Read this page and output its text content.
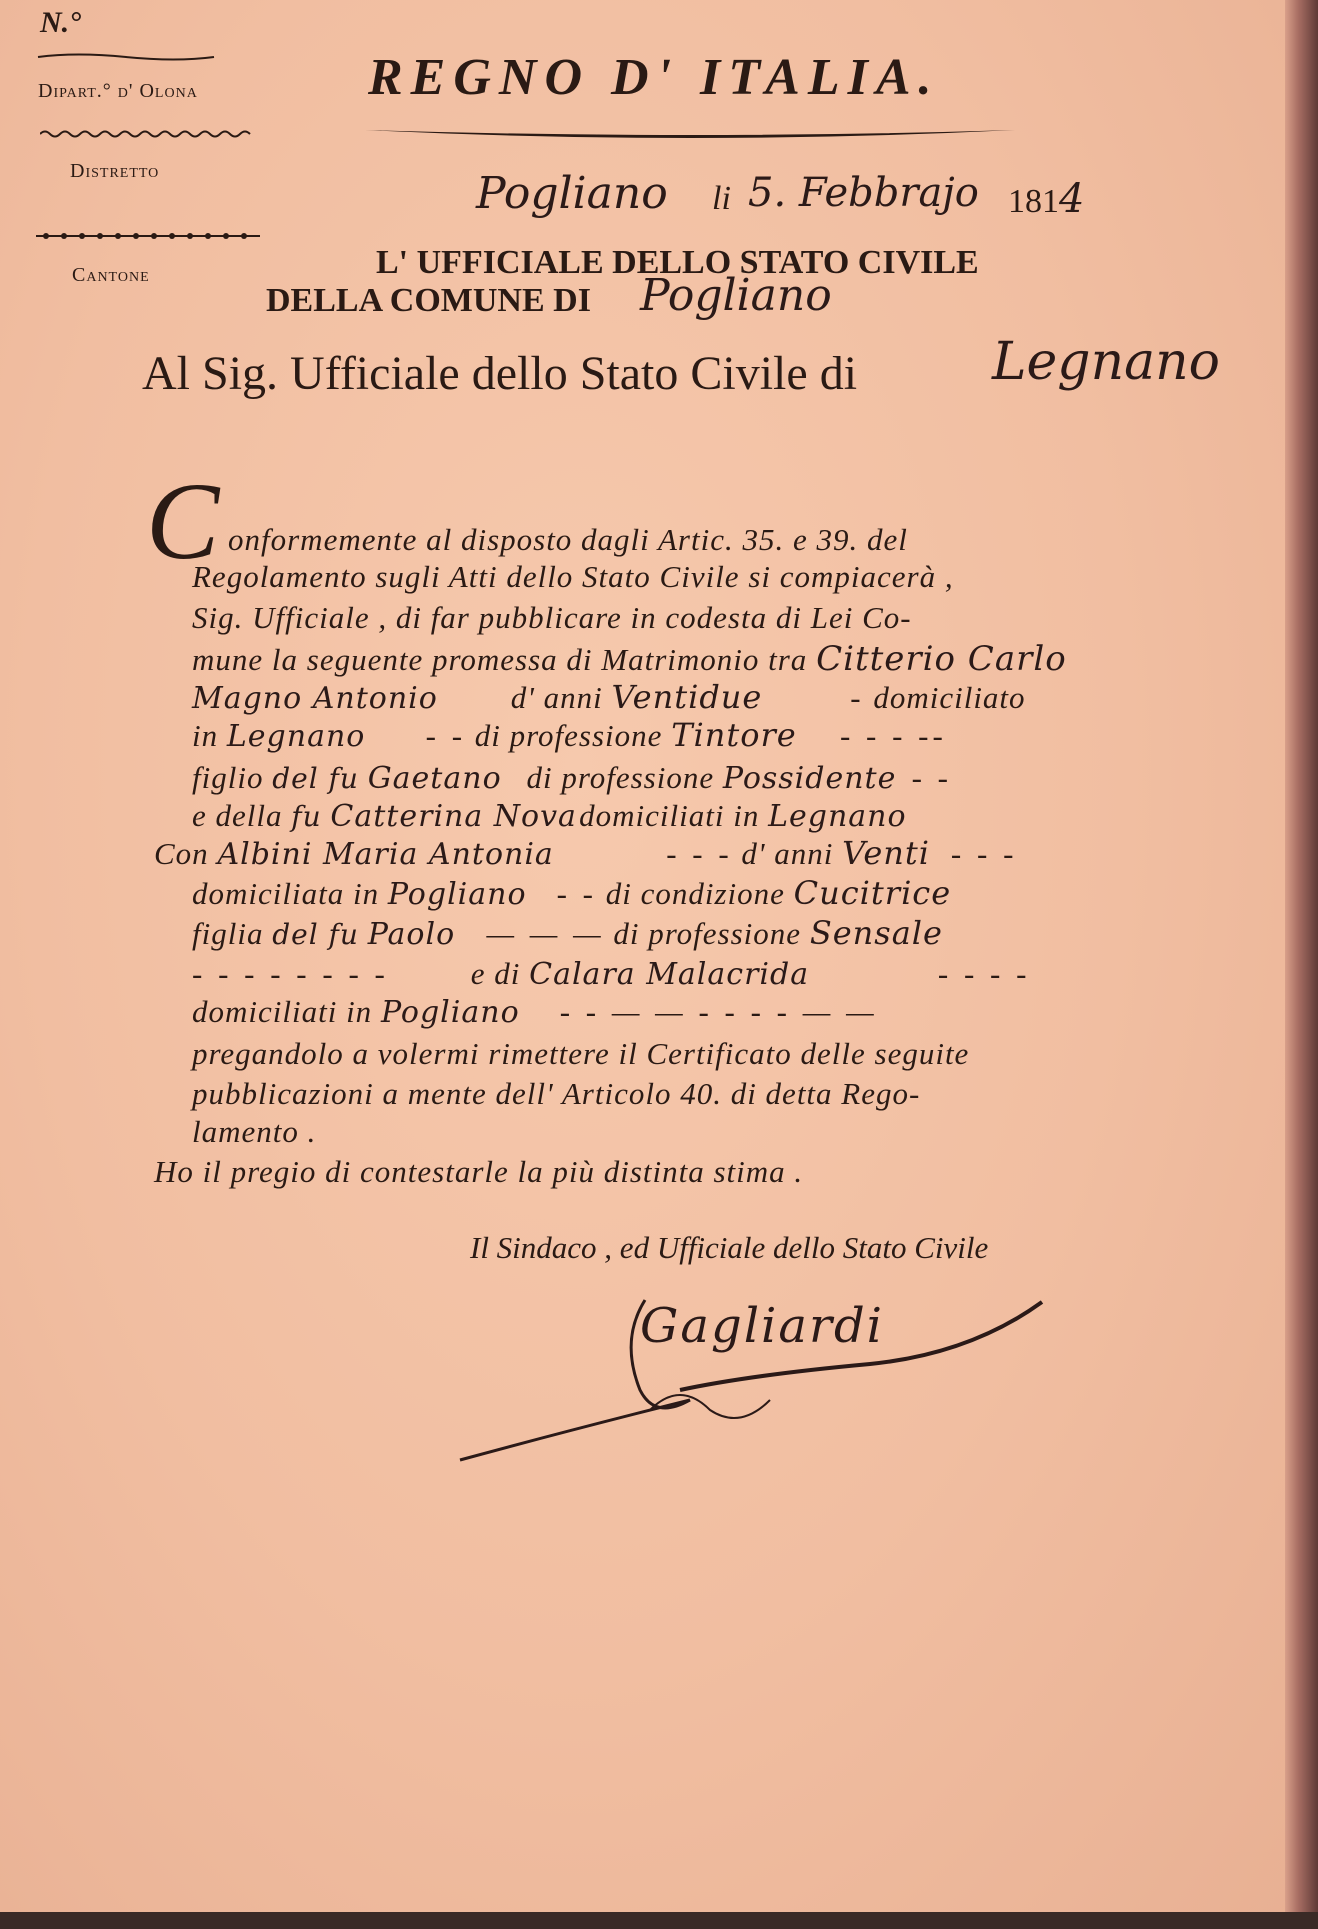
N.°
Dipart.° d' Olona
Distretto
Cantone
REGNO D' ITALIA.
Pogliano li 5. Febbrajo 1814
L' UFFICIALE DELLO STATO CIVILE
DELLA COMUNE DI Pogliano
Al Sig. Ufficiale dello Stato Civile di	Legnano
C onformemente al disposto dagli Artic. 35. e 39. del
Regolamento sugli Atti dello Stato Civile si compiacerà ,
Sig. Ufficiale , di far pubblicare in codesta di Lei Co-
mune la seguente promessa di Matrimonio tra Citterio Carlo
Magno Antonio d' anni Ventidue	- domiciliato
in Legnano - - di professione Tintore - - - --
figlio del fu Gaetano di professione Possidente - -
e della fu Catterina Nova domiciliati in Legnano
Con Albini Maria Antonia	- - - d' anni Venti - - -
domiciliata in Pogliano - - di condizione Cucitrice
figlia del fu Paolo — — — di professione Sensale
- - - - - - - -	e di Calara Malacrida	- - - -
domiciliati in Pogliano - - — — - - - - — —
pregandolo a volermi rimettere il Certificato delle seguite
pubblicazioni a mente dell' Articolo 40. di detta Rego-
lamento .
Ho il pregio di contestarle la più distinta stima .
Il Sindaco , ed Ufficiale dello Stato Civile
Gagliardi
